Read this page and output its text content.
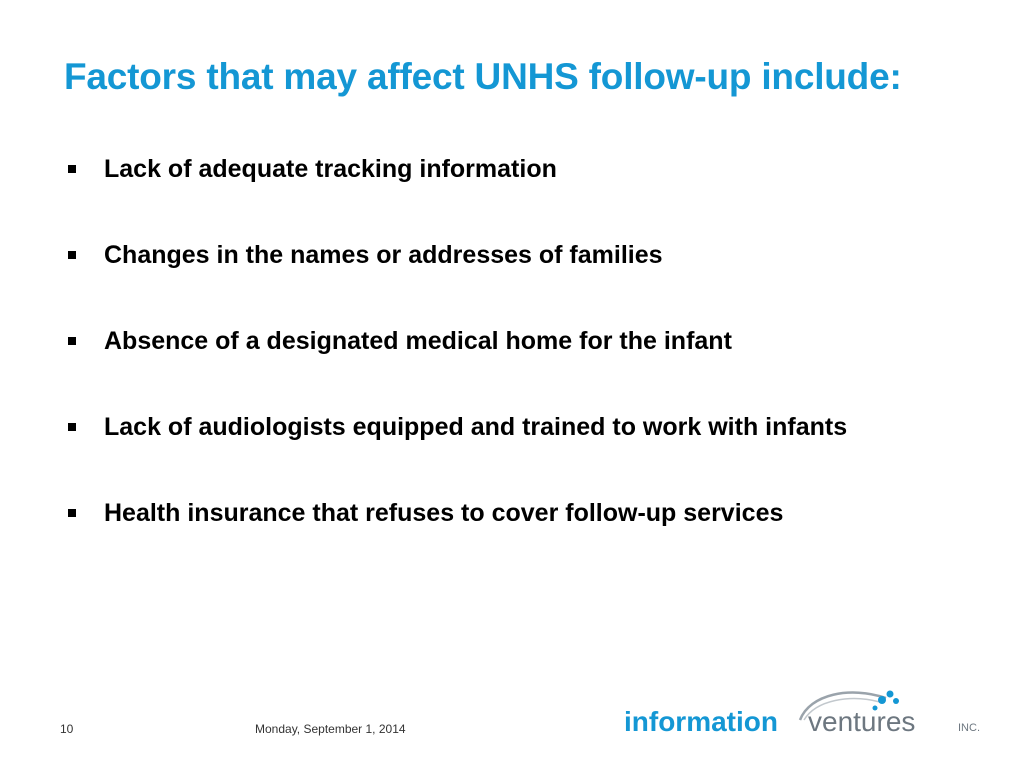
Factors that may affect UNHS follow-up include:
Lack of adequate tracking information
Changes in the names or addresses of families
Absence of a designated medical home for the infant
Lack of audiologists equipped and trained to work with infants
Health insurance that refuses to cover follow-up services
10	Monday, September 1, 2014	information ventures	INC.
